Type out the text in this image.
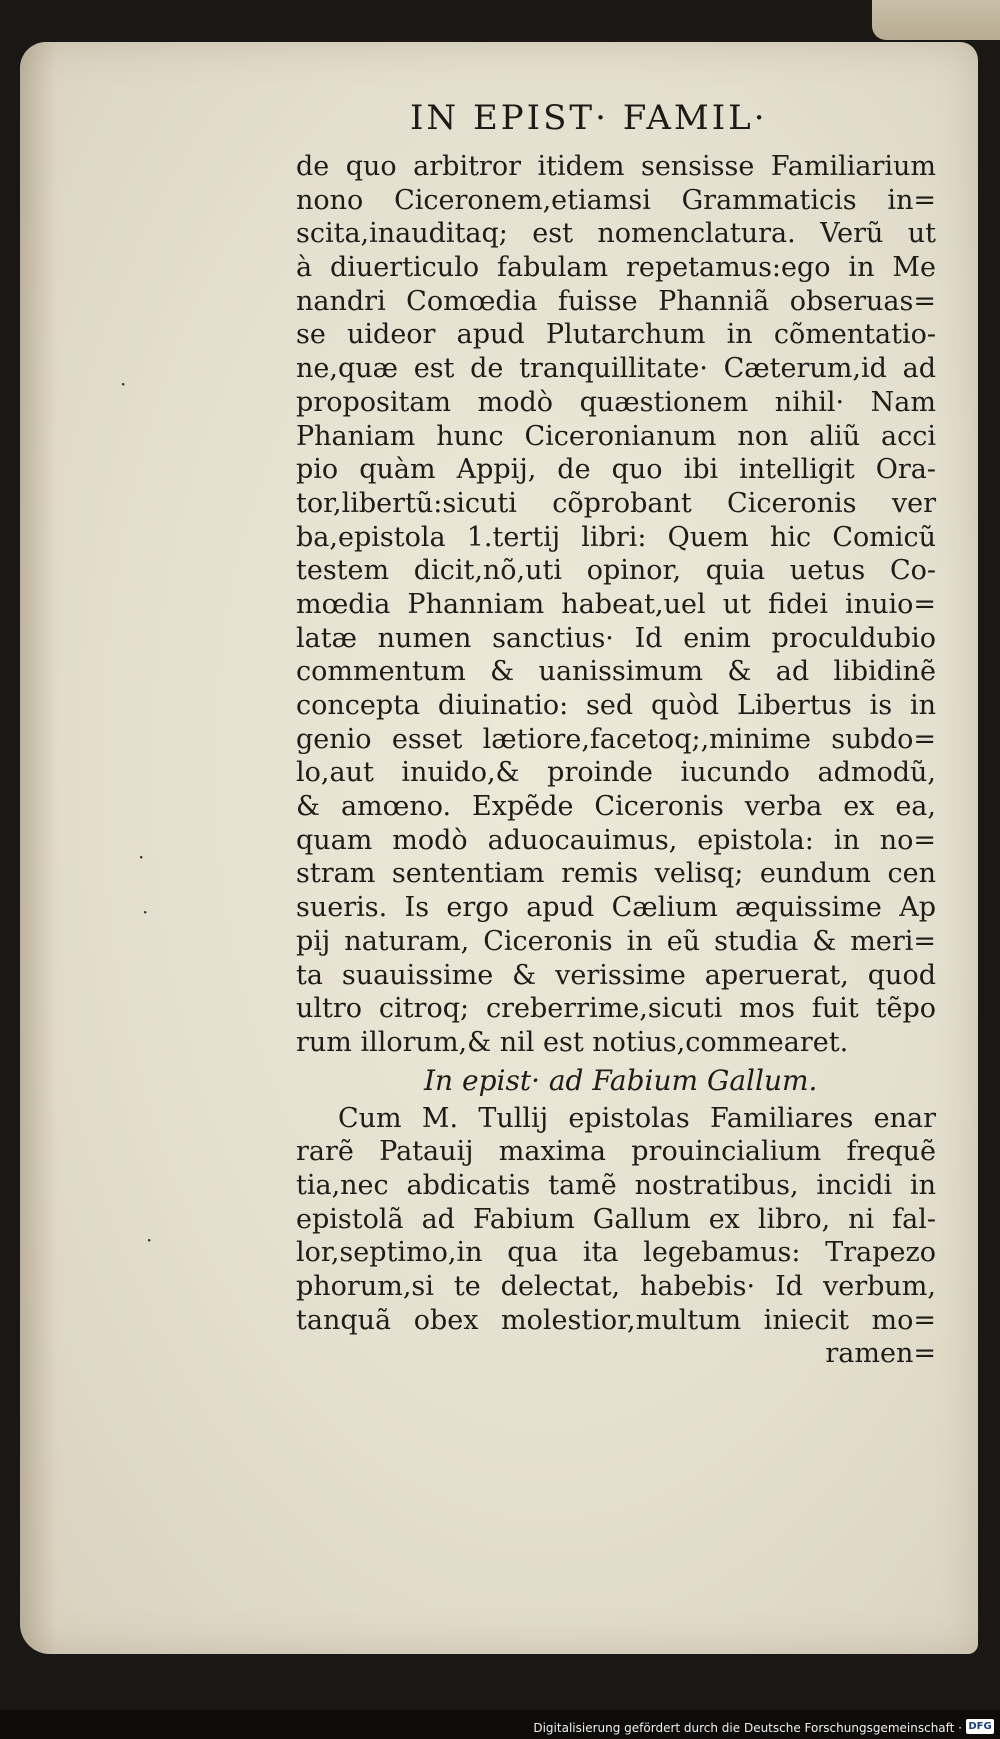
·
·
·
·
IN EPIST· FAMIL·
de quo arbitror itidem sensisse Familiarium
nono Ciceronem,etiamsi Grammaticis in=
scita,inauditaq; est nomenclatura. Verũ ut
à diuerticulo fabulam repetamus:ego in Me
nandri Comœdia fuisse Phanniã obseruas=
se uideor apud Plutarchum in cõmentatio-
ne,quæ est de tranquillitate· Cæterum,id ad
propositam modò quæstionem nihil· Nam
Phaniam hunc Ciceronianum non aliũ acci
pio quàm Appij, de quo ibi intelligit Ora-
tor,libertũ:sicuti cõprobant Ciceronis ver
ba,epistola 1.tertij libri: Quem hic Comicũ
testem dicit,nõ,uti opinor, quia uetus Co-
mœdia Phanniam habeat,uel ut fidei inuio=
latæ numen sanctius· Id enim proculdubio
commentum & uanissimum & ad libidinẽ
concepta diuinatio: sed quòd Libertus is in
genio esset lætiore,facetoq;,minime subdo=
lo,aut inuido,& proinde iucundo admodũ,
& amœno. Expẽde Ciceronis verba ex ea,
quam modò aduocauimus, epistola: in no=
stram sententiam remis velisq; eundum cen
sueris. Is ergo apud Cælium æquissime Ap
pij naturam, Ciceronis in eũ studia & meri=
ta suauissime & verissime aperuerat, quod
ultro citroq; creberrime,sicuti mos fuit tẽpo
rum illorum,& nil est notius,commearet.
In epist· ad Fabium Gallum.
Cum M. Tullij epistolas Familiares enar
rarẽ Patauij maxima prouincialium frequẽ
tia,nec abdicatis tamẽ nostratibus, incidi in
epistolã ad Fabium Gallum ex libro, ni fal-
lor,septimo,in qua ita legebamus: Trapezo
phorum,si te delectat, habebis· Id verbum,
tanquã obex molestior,multum iniecit mo=
ramen=
Digitalisierung gefördert durch die Deutsche Forschungsgemeinschaft · DFG
